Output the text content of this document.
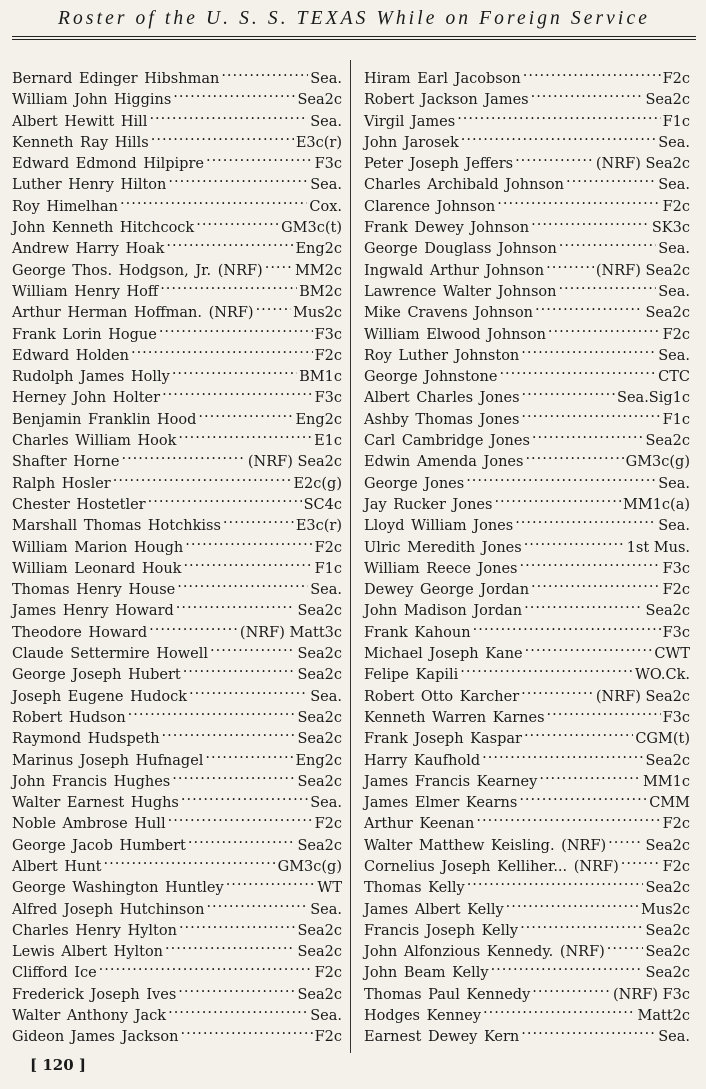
Roster of the U. S. S. TEXAS While on Foreign Service
Bernard Edinger Hibshman .....	Sea.
William John Higgins .....	Sea2c
Albert Hewitt Hill .....	Sea.
Kenneth Ray Hills .....	E3c(r)
Edward Edmond Hilpipre .....	F3c
Luther Henry Hilton .....	Sea.
Roy Himelhan .....	Cox.
John Kenneth Hitchcock .....	GM3c(t)
Andrew Harry Hoak .....	Eng2c
George Thos. Hodgson, Jr. (NRF) ..... MM2c
William Henry Hoff .....	BM2c
Arthur Herman Hoffman. (NRF) .....	Mus2c
Frank Lorin Hogue .....	F3c
Edward Holden .....	F2c
Rudolph James Holly .....	BM1c
Herney John Holter .....	F3c
Benjamin Franklin Hood .....	Eng2c
Charles William Hook .....	E1c
Shafter Horne .....	(NRF) Sea2c
Ralph Hosler .....	E2c(g)
Chester Hostetler .....	SC4c
Marshall Thomas Hotchkiss .....	E3c(r)
William Marion Hough .....	F2c
William Leonard Houk .....	F1c
Thomas Henry House .....	Sea.
James Henry Howard .....	Sea2c
Theodore Howard .....	(NRF) Matt3c
Claude Settermire Howell .....	Sea2c
George Joseph Hubert .....	Sea2c
Joseph Eugene Hudock .....	Sea.
Robert Hudson .....	Sea2c
Raymond Hudspeth .....	Sea2c
Marinus Joseph Hufnagel .....	Eng2c
John Francis Hughes .....	Sea2c
Walter Earnest Hughs .....	Sea.
Noble Ambrose Hull .....	F2c
George Jacob Humbert .....	Sea2c
Albert Hunt .....	GM3c(g)
George Washington Huntley .....	WT
Alfred Joseph Hutchinson .....	Sea.
Charles Henry Hylton .....	Sea2c
Lewis Albert Hylton .....	Sea2c
Clifford Ice .....	F2c
Frederick Joseph Ives .....	Sea2c
Walter Anthony Jack .....	Sea.
Gideon James Jackson .....	F2c
Hiram Earl Jacobson .....	F2c
Robert Jackson James .....	Sea2c
Virgil James .....	F1c
John Jarosek .....	Sea.
Peter Joseph Jeffers .....	(NRF) Sea2c
Charles Archibald Johnson .....	Sea.
Clarence Johnson .....	F2c
Frank Dewey Johnson .....	SK3c
George Douglass Johnson .....	Sea.
Ingwald Arthur Johnson .....	(NRF) Sea2c
Lawrence Walter Johnson .....	Sea.
Mike Cravens Johnson .....	Sea2c
William Elwood Johnson .....	F2c
Roy Luther Johnston .....	Sea.
George Johnstone .....	CTC
Albert Charles Jones .....	Sea.Sig1c
Ashby Thomas Jones .....	F1c
Carl Cambridge Jones .....	Sea2c
Edwin Amenda Jones .....	GM3c(g)
George Jones .....	Sea.
Jay Rucker Jones .....	MM1c(a)
Lloyd William Jones .....	Sea.
Ulric Meredith Jones .....	1st Mus.
William Reece Jones .....	F3c
Dewey George Jordan .....	F2c
John Madison Jordan .....	Sea2c
Frank Kahoun .....	F3c
Michael Joseph Kane .....	CWT
Felipe Kapili .....	WO.Ck.
Robert Otto Karcher .....	(NRF) Sea2c
Kenneth Warren Karnes .....	F3c
Frank Joseph Kaspar .....	CGM(t)
Harry Kaufhold .....	Sea2c
James Francis Kearney .....	MM1c
James Elmer Kearns .....	CMM
Arthur Keenan .....	F2c
Walter Matthew Keisling. (NRF) .....	Sea2c
Cornelius Joseph Kelliher... (NRF) .....	F2c
Thomas Kelly .....	Sea2c
James Albert Kelly .....	Mus2c
Francis Joseph Kelly .....	Sea2c
John Alfonzious Kennedy. (NRF) .....	Sea2c
John Beam Kelly .....	Sea2c
Thomas Paul Kennedy .....	(NRF) F3c
Hodges Kenney .....	Matt2c
Earnest Dewey Kern .....	Sea.
[ 120 ]
